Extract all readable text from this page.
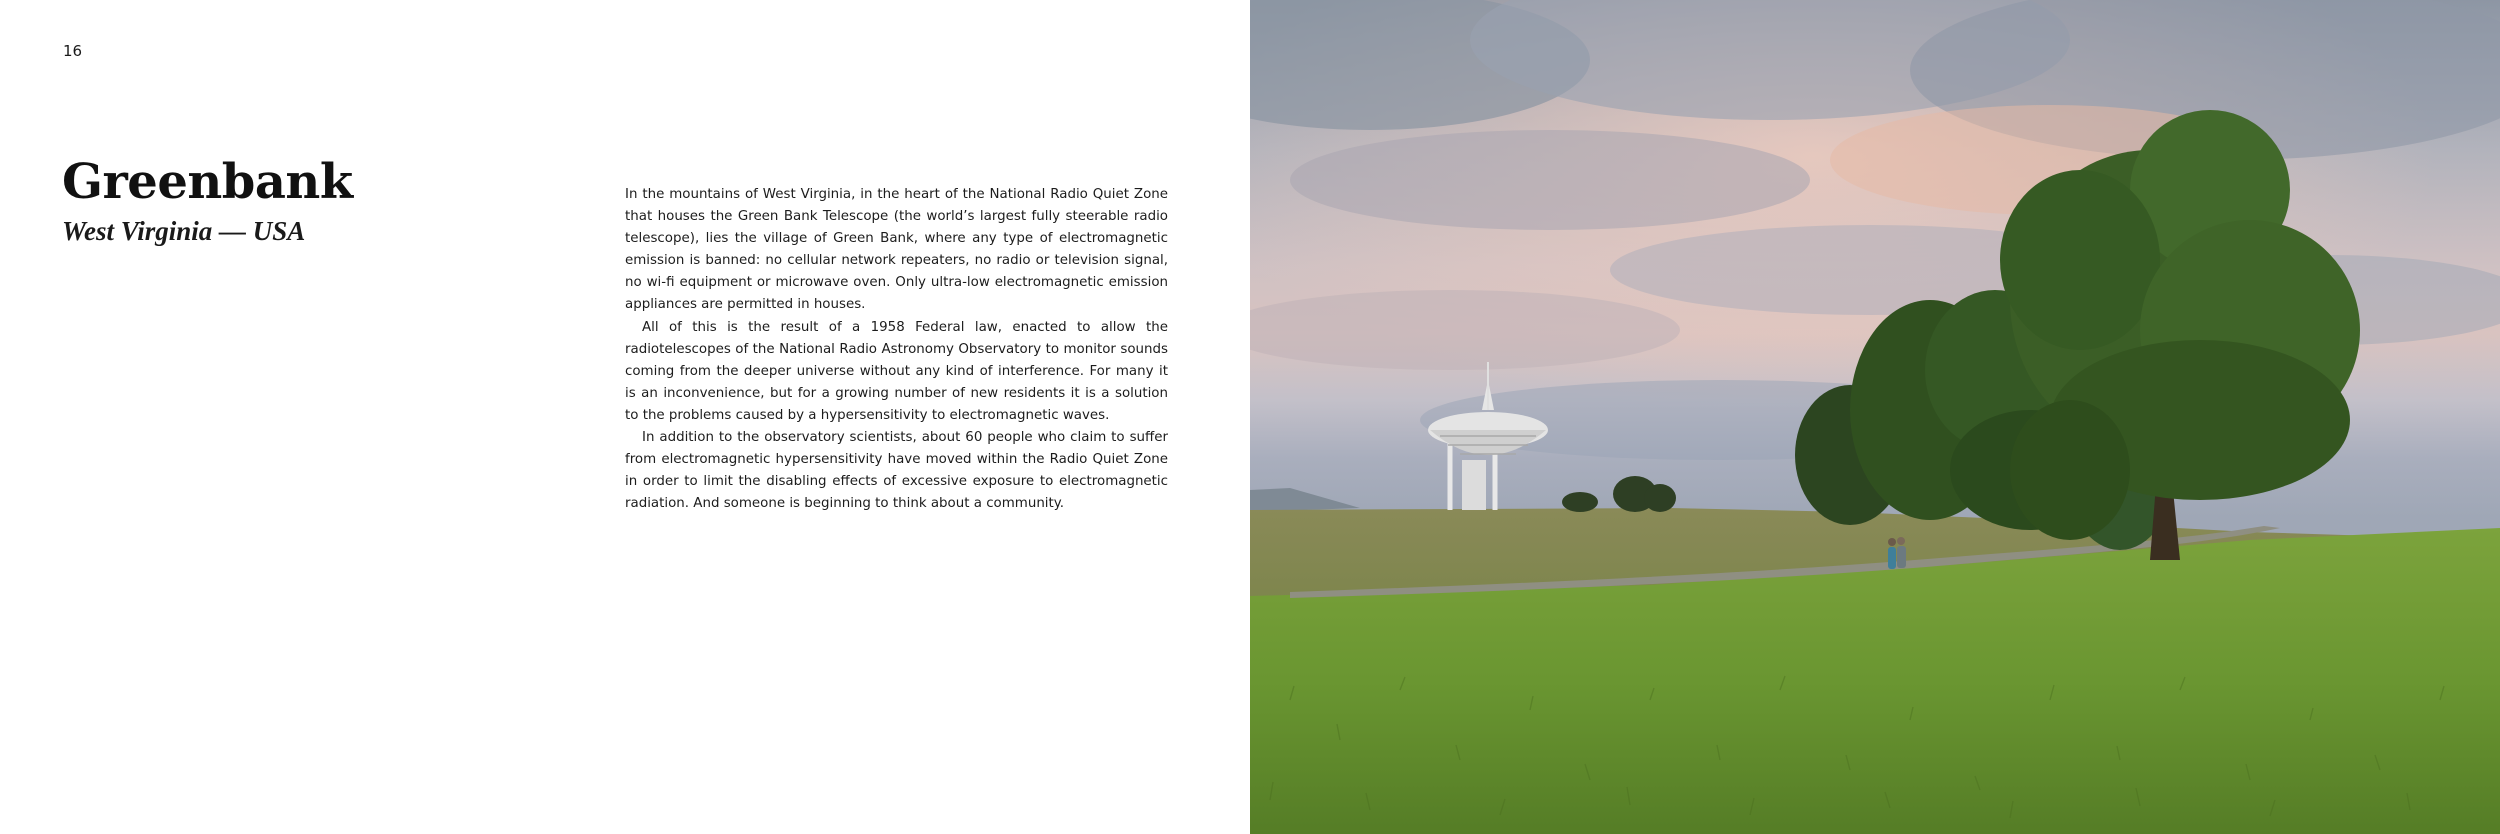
16
Greenbank
West Virginia — USA

In the mountains of West Virginia, in the heart of the National Radio Quiet Zone that houses the Green Bank Telescope (the world’s largest fully steerable radio telescope), lies the village of Green Bank, where any type of electromagnetic emission is banned: no cellular network repeaters, no radio or television signal, no wi-fi equipment or microwave oven. Only ultra-low electromagnetic emission appliances are permitted in houses.

All of this is the result of a 1958 Federal law, enacted to allow the radiotelescopes of the National Radio Astronomy Observatory to monitor sounds coming from the deeper universe without any kind of interference. For many it is an inconvenience, but for a growing number of new residents it is a solution to the problems caused by a hypersensitivity to electromagnetic waves.

In addition to the observatory scientists, about 60 people who claim to suffer from electromagnetic hypersensitivity have moved within the Radio Quiet Zone in order to limit the disabling effects of excessive exposure to electromagnetic radiation. And someone is beginning to think about a community.
